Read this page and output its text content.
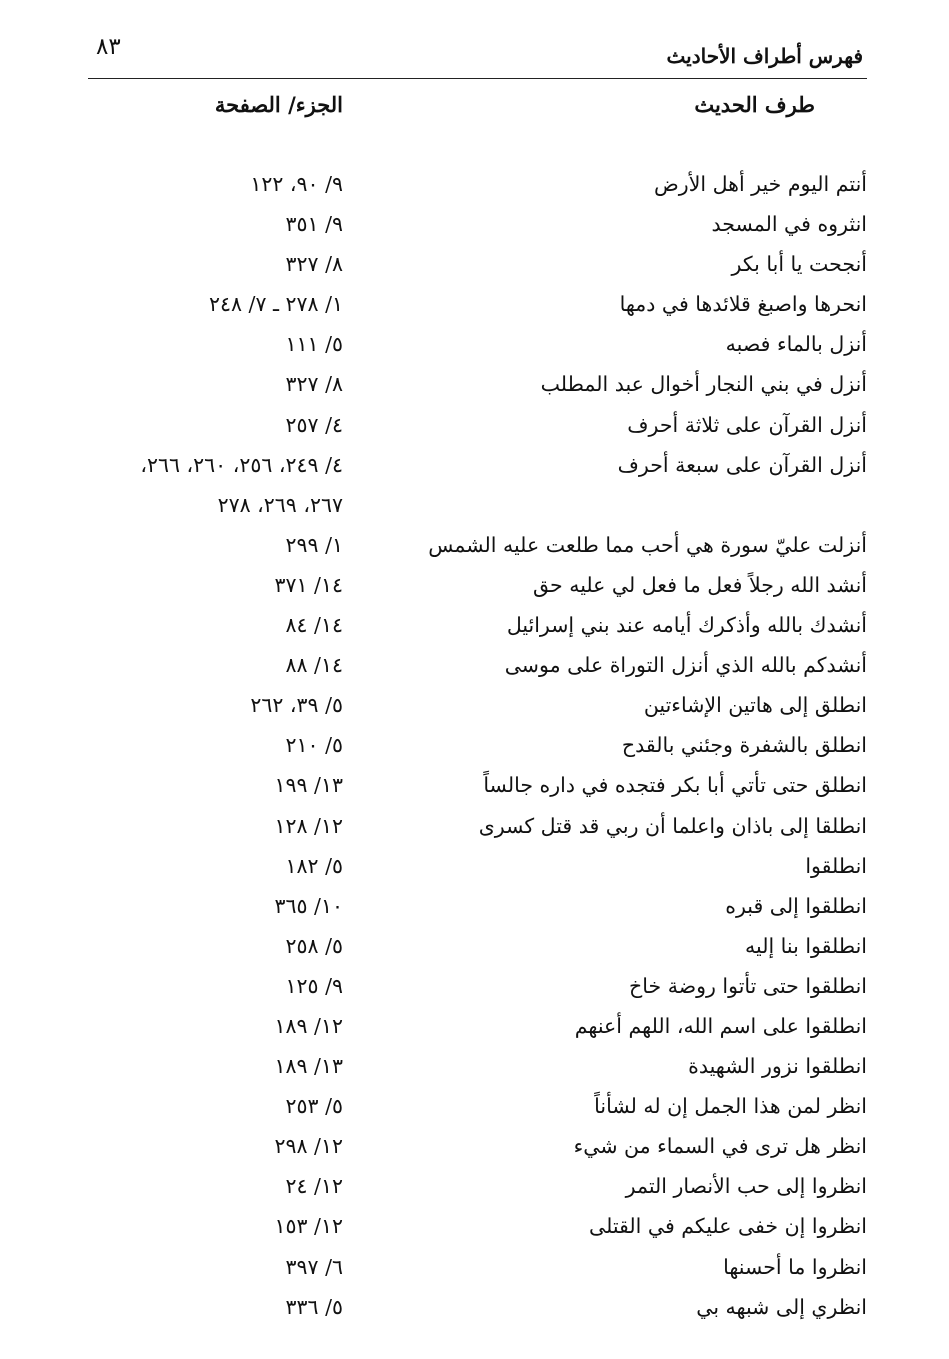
٨٣	فهرس أطراف الأحاديث
طرف الحديث
الجزء/ الصفحة
أنتم اليوم خير أهل الأرض
٩/ ٩٠، ١٢٢
انثروه في المسجد
٩/ ٣٥١
أنجحت يا أبا بكر
٨/ ٣٢٧
انحرها واصبغ قلائدها في دمها
١/ ٢٧٨ ـ ٧/ ٢٤٨
أنزل بالماء فصبه
٥/ ١١١
أنزل في بني النجار أخوال عبد المطلب
٨/ ٣٢٧
أنزل القرآن على ثلاثة أحرف
٤/ ٢٥٧
أنزل القرآن على سبعة أحرف
٤/ ٢٤٩، ٢٥٦، ٢٦٠، ٢٦٦،
٢٦٧، ٢٦٩، ٢٧٨
أنزلت عليّ سورة هي أحب مما طلعت عليه الشمس
١/ ٢٩٩
أنشد الله رجلاً فعل ما فعل لي عليه حق
١٤/ ٣٧١
أنشدك بالله وأذكرك أيامه عند بني إسرائيل
١٤/ ٨٤
أنشدكم بالله الذي أنزل التوراة على موسى
١٤/ ٨٨
انطلق إلى هاتين الإشاءتين
٥/ ٣٩، ٢٦٢
انطلق بالشفرة وجئني بالقدح
٥/ ٢١٠
انطلق حتى تأتي أبا بكر فتجده في داره جالساً
١٣/ ١٩٩
انطلقا إلى باذان واعلما أن ربي قد قتل كسرى
١٢/ ١٢٨
انطلقوا
٥/ ١٨٢
انطلقوا إلى قبره
١٠/ ٣٦٥
انطلقوا بنا إليه
٥/ ٢٥٨
انطلقوا حتى تأتوا روضة خاخ
٩/ ١٢٥
انطلقوا على اسم الله، اللهم أعنهم
١٢/ ١٨٩
انطلقوا نزور الشهيدة
١٣/ ١٨٩
انظر لمن هذا الجمل إن له لشأناً
٥/ ٢٥٣
انظر هل ترى في السماء من شيء
١٢/ ٢٩٨
انظروا إلى حب الأنصار التمر
١٢/ ٢٤
انظروا إن خفى عليكم في القتلى
١٢/ ١٥٣
انظروا ما أحسنها
٦/ ٣٩٧
انظري إلى شبهه بي
٥/ ٣٣٦
